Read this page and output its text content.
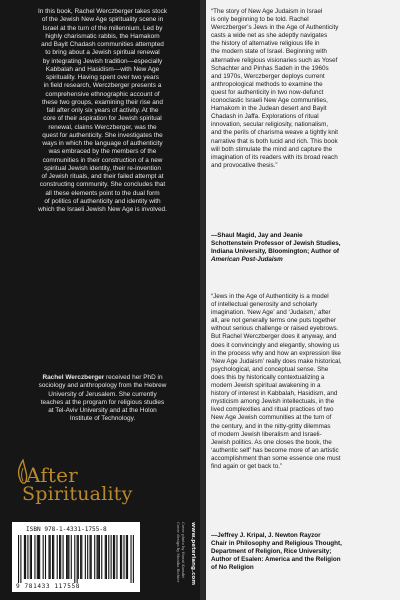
In this book, Rachel Werczberger takes stock
of the Jewish New Age spirituality scene in
Israel at the turn of the millennium. Led by
highly charismatic rabbis, the Hamakom
and Bayit Chadash communities attempted
to bring about a Jewish spiritual renewal
by integrating Jewish tradition—especially
Kabbalah and Hasidism—with New Age
spirituality. Having spent over two years
in field research, Werczberger presents a
comprehensive ethnographic account of
these two groups, examining their rise and
fall after only six years of activity. At the
core of their aspiration for Jewish spiritual
renewal, claims Werczberger, was the
quest for authenticity. She investigates the
ways in which the language of authenticity
was embraced by the members of the
communities in their construction of a new
spiritual Jewish identity, their re-invention
of Jewish rituals, and their failed attempt at
constructing community. She concludes that
all these elements point to the dual form
of politics of authenticity and identity with
which the Israeli Jewish New Age is involved.

Rachel Werczberger received her PhD in
sociology and anthropology from the Hebrew
University of Jerusalem. She currently
teaches at the program for religious studies
at Tel-Aviv University and at the Holon
Institute of Technology.

After
Spirituality
Cover photo by Hanni Kamdei
Cover design by Monika Richter www.peterlang.com
ISBN 978-1-4331-1755-8
9 781433 117558

“The story of New Age Judaism in Israel
is only beginning to be told. Rachel
Werczberger’s Jews in the Age of Authenticity
casts a wide net as she adeptly navigates
the history of alternative religious life in
the modern state of Israel. Beginning with
alternative religious visionaries such as Yosef
Schachter and Pinhas Sadeh in the 1960s
and 1970s, Werczberger deploys current
anthropological methods to examine the
quest for authenticity in two now-defunct
iconoclastic Israeli New Age communities,
Hamakom in the Judean desert and Bayit
Chadash in Jaffa. Explorations of ritual
innovation, secular religiosity, nationalism,
and the perils of charisma weave a tightly knit
narrative that is both lucid and rich. This book
will both stimulate the mind and capture the
imagination of its readers with its broad reach
and provocative thesis.”

—Shaul Magid, Jay and Jeanie
Schottenstein Professor of Jewish Studies,
Indiana University, Bloomington; Author of
American Post-Judaism

“Jews in the Age of Authenticity is a model
of intellectual generosity and scholarly
imagination. ‘New Age’ and ‘Judaism,’ after
all, are not generally terms one puts together
without serious challenge or raised eyebrows.
But Rachel Werczberger does it anyway, and
does it convincingly and elegantly, showing us
in the process why and how an expression like
‘New Age Judaism’ really does make historical,
psychological, and conceptual sense. She
does this by historically contextualizing a
modern Jewish spiritual awakening in a
history of interest in Kabbalah, Hasidism, and
mysticism among Jewish intellectuals, in the
lived complexities and ritual practices of two
New Age Jewish communities at the turn of
the century, and in the nitty-gritty dilemmas
of modern Jewish liberalism and Israeli-
Jewish politics. As one closes the book, the
‘authentic self’ has become more of an artistic
accomplishment than some essence one must
find again or get back to.”

—Jeffrey J. Kripal, J. Newton Rayzor
Chair in Philosophy and Religious Thought,
Department of Religion, Rice University;
Author of Esalen: America and the Religion
of No Religion
